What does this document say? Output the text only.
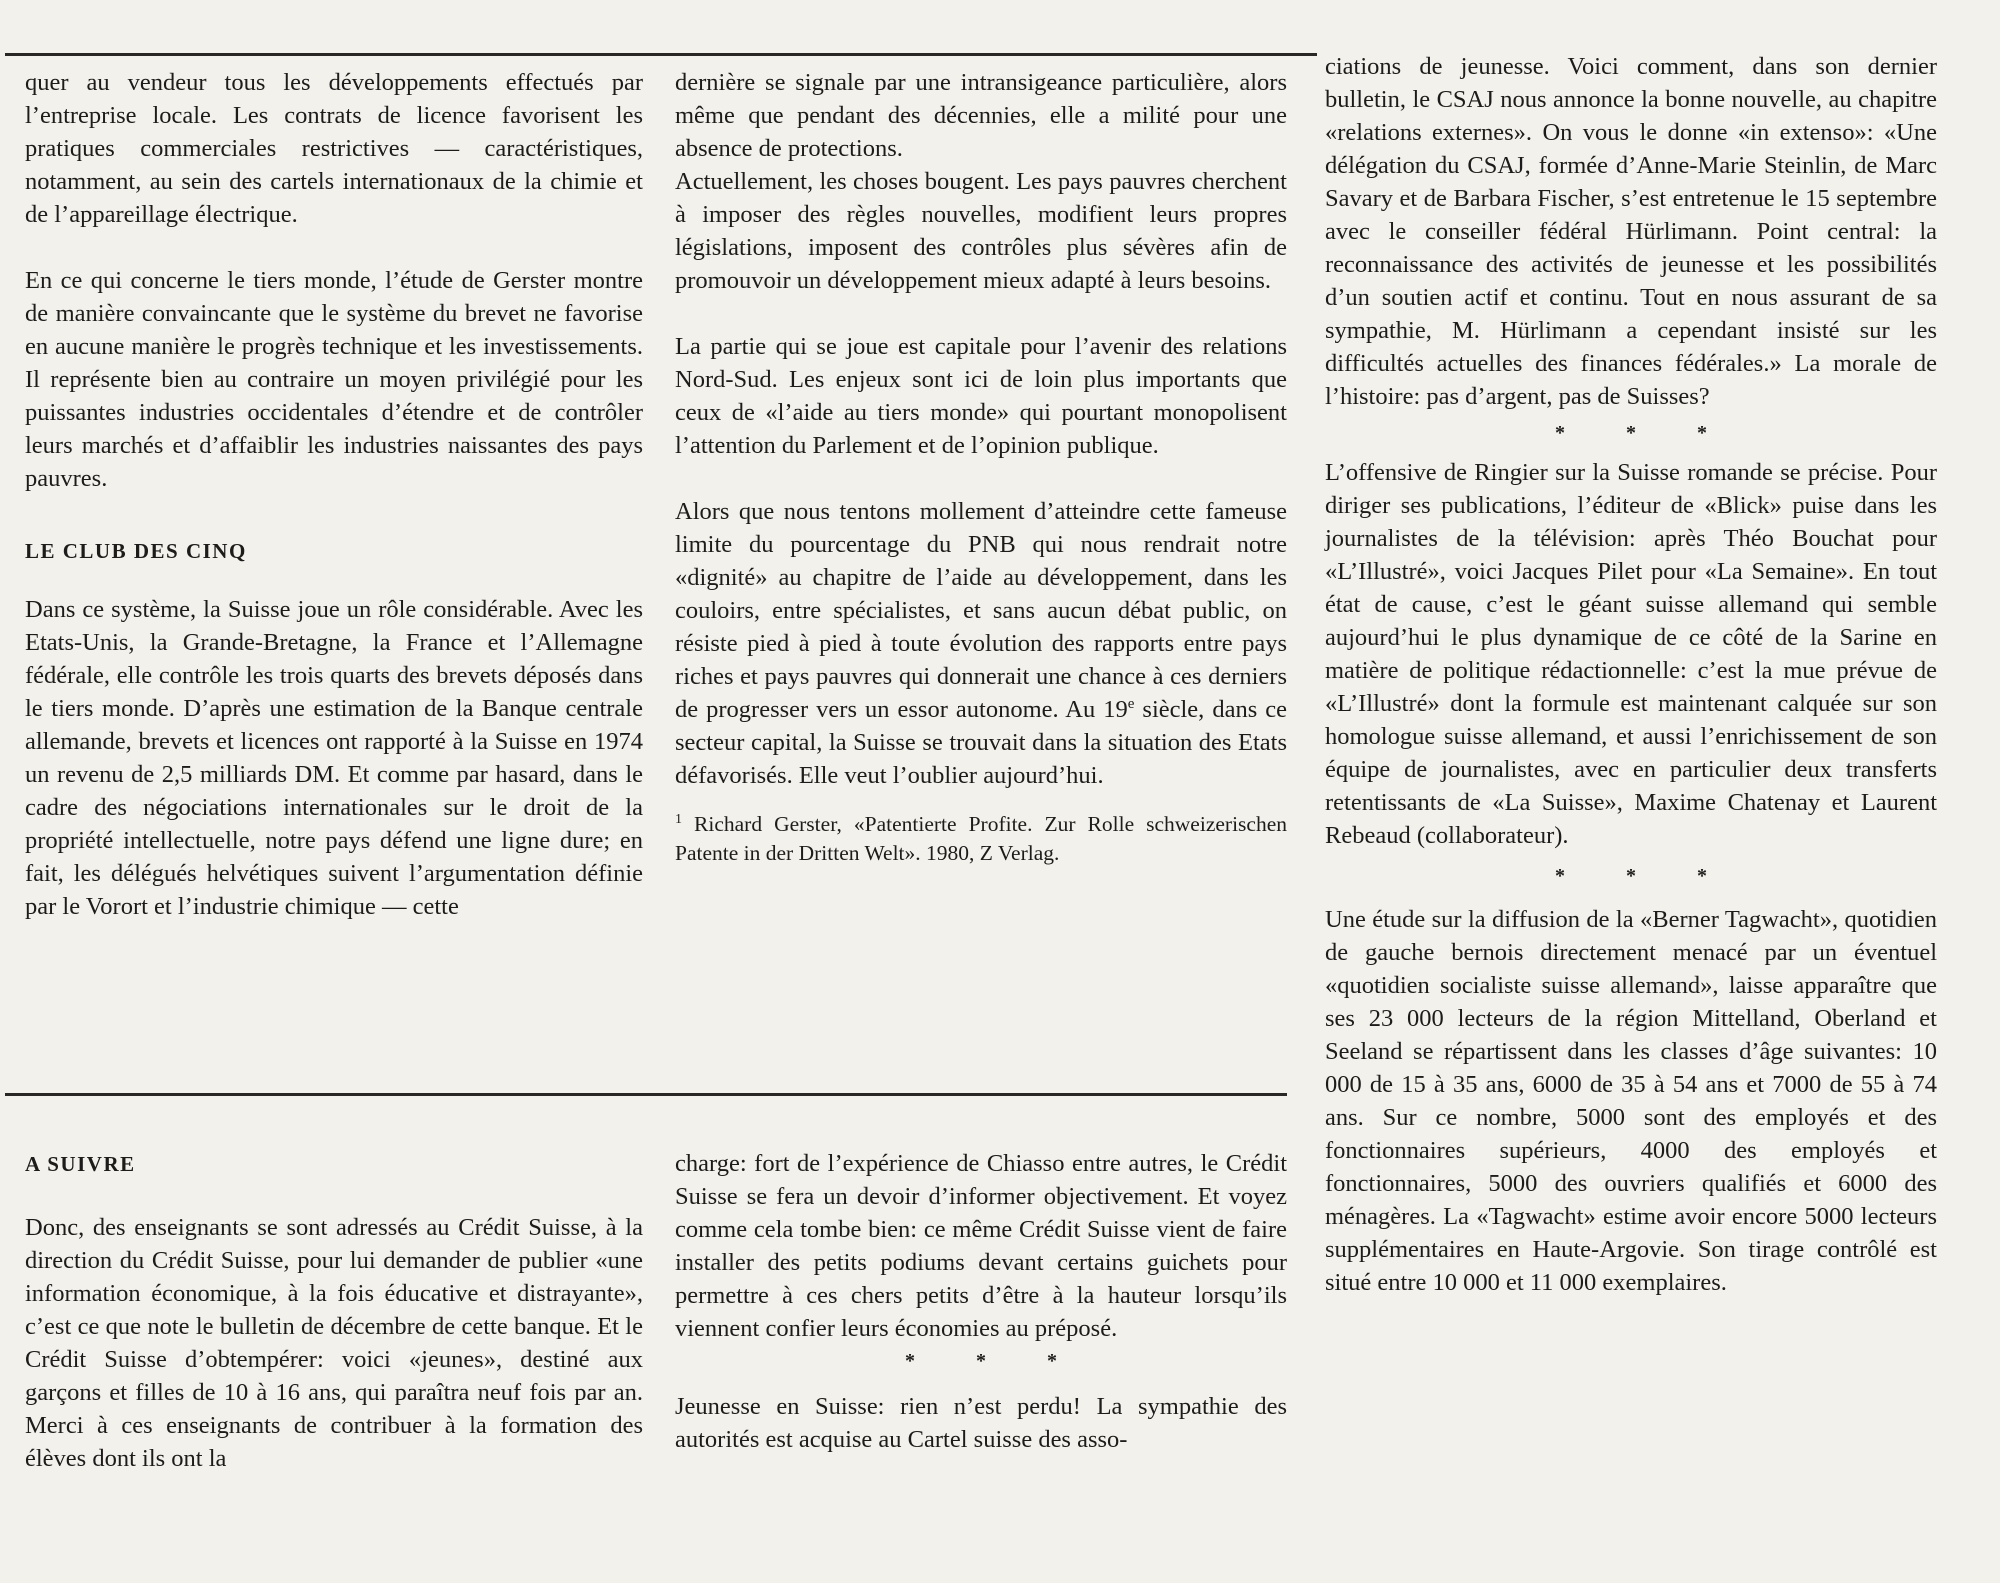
quer au vendeur tous les développements effectués par l’entreprise locale. Les contrats de licence favorisent les pratiques commerciales restrictives — caractéristiques, notamment, au sein des cartels internationaux de la chimie et de l’appareillage électrique.

En ce qui concerne le tiers monde, l’étude de Gerster montre de manière convaincante que le système du brevet ne favorise en aucune manière le progrès technique et les investissements. Il représente bien au contraire un moyen privilégié pour les puissantes industries occidentales d’étendre et de contrôler leurs marchés et d’affaiblir les industries naissantes des pays pauvres.

LE CLUB DES CINQ

Dans ce système, la Suisse joue un rôle considérable. Avec les Etats-Unis, la Grande-Bretagne, la France et l’Allemagne fédérale, elle contrôle les trois quarts des brevets déposés dans le tiers monde. D’après une estimation de la Banque centrale allemande, brevets et licences ont rapporté à la Suisse en 1974 un revenu de 2,5 milliards DM. Et comme par hasard, dans le cadre des négociations internationales sur le droit de la propriété intellectuelle, notre pays défend une ligne dure; en fait, les délégués helvétiques suivent l’argumentation définie par le Vorort et l’industrie chimique — cette

dernière se signale par une intransigeance particulière, alors même que pendant des décennies, elle a milité pour une absence de protections.

Actuellement, les choses bougent. Les pays pauvres cherchent à imposer des règles nouvelles, modifient leurs propres législations, imposent des contrôles plus sévères afin de promouvoir un développement mieux adapté à leurs besoins.

La partie qui se joue est capitale pour l’avenir des relations Nord-Sud. Les enjeux sont ici de loin plus importants que ceux de «l’aide au tiers monde» qui pourtant monopolisent l’attention du Parlement et de l’opinion publique.

Alors que nous tentons mollement d’atteindre cette fameuse limite du pourcentage du PNB qui nous rendrait notre «dignité» au chapitre de l’aide au développement, dans les couloirs, entre spécialistes, et sans aucun débat public, on résiste pied à pied à toute évolution des rapports entre pays riches et pays pauvres qui donnerait une chance à ces derniers de progresser vers un essor autonome. Au 19e siècle, dans ce secteur capital, la Suisse se trouvait dans la situation des Etats défavorisés. Elle veut l’oublier aujourd’hui.

$^1$ Richard Gerster, «Patentierte Profite. Zur Rolle schweizerischen Patente in der Dritten Welt». 1980, Z Verlag.
A SUIVRE

Donc, des enseignants se sont adressés au Crédit Suisse, à la direction du Crédit Suisse, pour lui demander de publier «une information économique, à la fois éducative et distrayante», c’est ce que note le bulletin de décembre de cette banque. Et le Crédit Suisse d’obtempérer: voici «jeunes», destiné aux garçons et filles de 10 à 16 ans, qui paraîtra neuf fois par an. Merci à ces enseignants de contribuer à la formation des élèves dont ils ont la

charge: fort de l’expérience de Chiasso entre autres, le Crédit Suisse se fera un devoir d’informer objectivement. Et voyez comme cela tombe bien: ce même Crédit Suisse vient de faire installer des petits podiums devant certains guichets pour permettre à ces chers petits d’être à la hauteur lorsqu’ils viennent confier leurs économies au préposé.

* * *

Jeunesse en Suisse: rien n’est perdu! La sympathie des autorités est acquise au Cartel suisse des asso-

ciations de jeunesse. Voici comment, dans son dernier bulletin, le CSAJ nous annonce la bonne nouvelle, au chapitre «relations externes». On vous le donne «in extenso»: «Une délégation du CSAJ, formée d’Anne-Marie Steinlin, de Marc Savary et de Barbara Fischer, s’est entretenue le 15 septembre avec le conseiller fédéral Hürlimann. Point central: la reconnaissance des activités de jeunesse et les possibilités d’un soutien actif et continu. Tout en nous assurant de sa sympathie, M. Hürlimann a cependant insisté sur les difficultés actuelles des finances fédérales.» La morale de l’histoire: pas d’argent, pas de Suisses?

* * *

L’offensive de Ringier sur la Suisse romande se précise. Pour diriger ses publications, l’éditeur de «Blick» puise dans les journalistes de la télévision: après Théo Bouchat pour «L’Illustré», voici Jacques Pilet pour «La Semaine». En tout état de cause, c’est le géant suisse allemand qui semble aujourd’hui le plus dynamique de ce côté de la Sarine en matière de politique rédactionnelle: c’est la mue prévue de «L’Illustré» dont la formule est maintenant calquée sur son homologue suisse allemand, et aussi l’enrichissement de son équipe de journalistes, avec en particulier deux transferts retentissants de «La Suisse», Maxime Chatenay et Laurent Rebeaud (collaborateur).

* * *

Une étude sur la diffusion de la «Berner Tagwacht», quotidien de gauche bernois directement menacé par un éventuel «quotidien socialiste suisse allemand», laisse apparaître que ses 23 000 lecteurs de la région Mittelland, Oberland et Seeland se répartissent dans les classes d’âge suivantes: 10 000 de 15 à 35 ans, 6000 de 35 à 54 ans et 7000 de 55 à 74 ans. Sur ce nombre, 5000 sont des employés et des fonctionnaires supérieurs, 4000 des employés et fonctionnaires, 5000 des ouvriers qualifiés et 6000 des ménagères. La «Tagwacht» estime avoir encore 5000 lecteurs supplémentaires en Haute-Argovie. Son tirage contrôlé est situé entre 10 000 et 11 000 exemplaires.
